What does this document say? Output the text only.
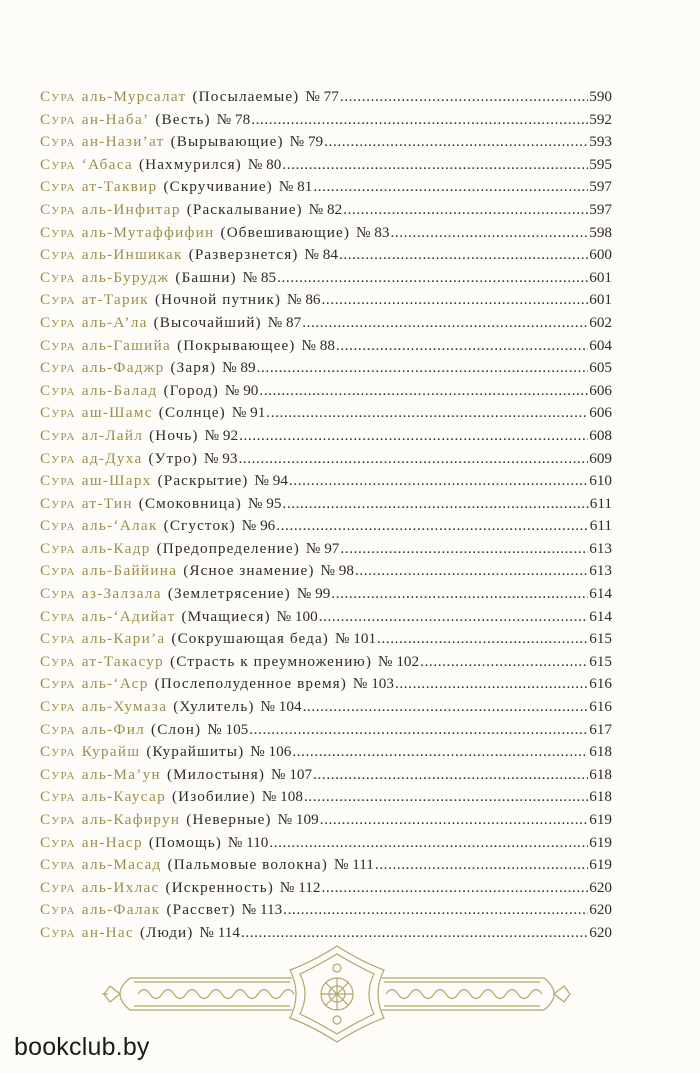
Сура аль-Мурсалат (Посылаемые) № 77 .....	590
Сура ан-Наба’ (Весть) № 78 .....	592
Сура ан-Нази’ат (Вырывающие) № 79 .....	593
Сура ‘Абаса (Нахмурился) № 80 .....	595
Сура ат-Таквир (Скручивание) № 81 .....	597
Сура аль-Инфитар (Раскалывание) № 82 .....	597
Сура аль-Мутаффифин (Обвешивающие) № 83 .....	598
Сура аль-Иншикак (Разверзнется) № 84 .....	600
Сура аль-Бурудж (Башни) № 85 .....	601
Сура ат-Тарик (Ночной путник) № 86 .....	601
Сура аль-А’ла (Высочайший) № 87 .....	602
Сура аль-Гашийа (Покрывающее) № 88 .....	604
Сура аль-Фаджр (Заря) № 89 .....	605
Сура аль-Балад (Город) № 90 .....	606
Сура аш-Шамс (Солнце) № 91 .....	606
Сура ал-Лайл (Ночь) № 92 .....	608
Сура ад-Духа (Утро) № 93 .....	609
Сура аш-Шарх (Раскрытие) № 94 .....	610
Сура ат-Тин (Смоковница) № 95 .....	611
Сура аль-‘Алак (Сгусток) № 96 .....	611
Сура аль-Кадр (Предопределение) № 97 .....	613
Сура аль-Баййина (Ясное знамение) № 98 .....	613
Сура аз-Залзала (Землетрясение) № 99 .....	614
Сура аль-‘Адийат (Мчащиеся) № 100 .....	614
Сура аль-Кари’а (Сокрушающая беда) № 101 .....	615
Сура ат-Такасур (Страсть к преумножению) № 102 .....	615
Сура аль-‘Аср (Послеполуденное время) № 103 .....	616
Сура аль-Хумаза (Хулитель) № 104 .....	616
Сура аль-Фил (Слон) № 105 .....	617
Сура Курайш (Курайшиты) № 106 .....	618
Сура аль-Ма’ун (Милостыня) № 107 .....	618
Сура аль-Каусар (Изобилие) № 108 .....	618
Сура аль-Кафирун (Неверные) № 109 .....	619
Сура ан-Наср (Помощь) № 110 .....	619
Сура аль-Масад (Пальмовые волокна) № 111 .....	619
Сура аль-Ихлас (Искренность) № 112 .....	620
Сура аль-Фалак (Рассвет) № 113 .....	620
Сура ан-Нас (Люди) № 114 .....	620
bookclub.by
